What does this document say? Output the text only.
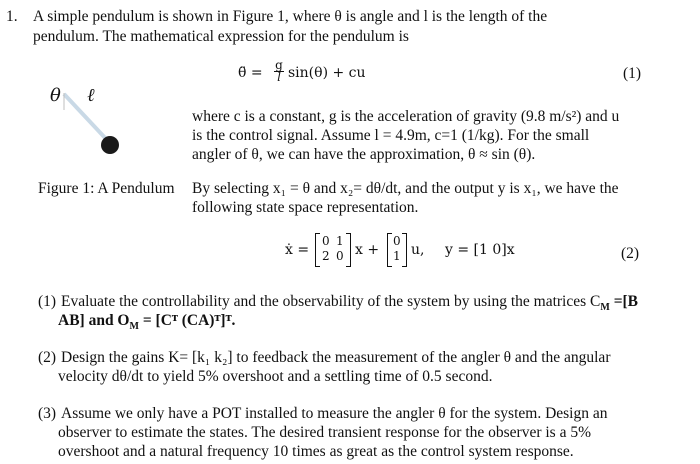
1. A simple pendulum is shown in Figure 1, where θ is angle and l is the length of the
pendulum. The mathematical expression for the pendulum is
θ̈ = g
l sin(θ) + cu	(1)
θ ℓ
Figure 1: A Pendulum
where c is a constant, g is the acceleration of gravity (9.8 m/s²) and u
is the control signal. Assume l = 4.9m, c=1 (1/kg). For the small
angler of θ, we can have the approximation, θ ≈ sin (θ).
By selecting x₁ = θ and x₂= dθ/dt, and the output y is x₁, we have the
following state space representation.
ẋ =
0 1
2 0 x +
0
1 u, y = [1 0]x	(2)
(1) Evaluate the controllability and the observability of the system by using the matrices $C_M =[B$
AB] and $O_M$ = [Cᵀ (CA)ᵀ]ᵀ.
(2) Design the gains K= [k₁ k₂] to feedback the measurement of the angler θ and the angular
velocity dθ/dt to yield 5% overshoot and a settling time of 0.5 second.
(3) Assume we only have a POT installed to measure the angler θ for the system. Design an
observer to estimate the states. The desired transient response for the observer is a 5%
overshoot and a natural frequency 10 times as great as the control system response.
